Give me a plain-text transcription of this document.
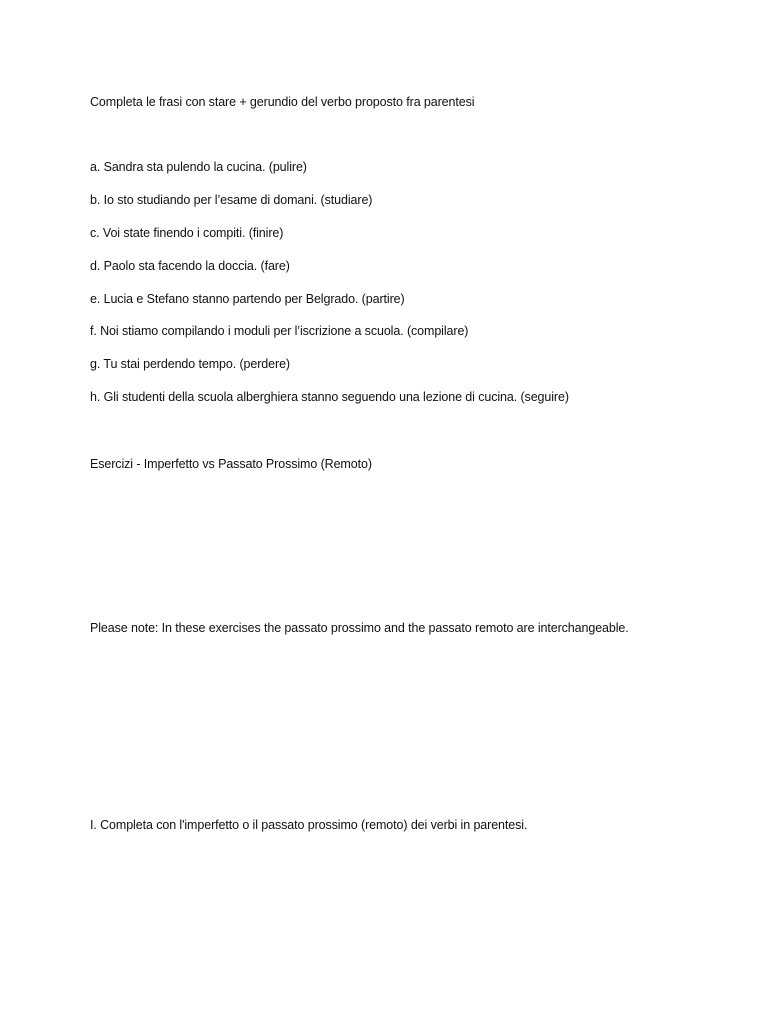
Completa le frasi con stare + gerundio del verbo proposto fra parentesi
a. Sandra sta pulendo la cucina. (pulire)
b. Io sto studiando per l’esame di domani. (studiare)
c. Voi state finendo i compiti. (finire)
d. Paolo sta facendo la doccia. (fare)
e. Lucia e Stefano stanno partendo per Belgrado. (partire)
f. Noi stiamo compilando i moduli per l’iscrizione a scuola. (compilare)
g. Tu stai perdendo tempo. (perdere)
h. Gli studenti della scuola alberghiera stanno seguendo una lezione di cucina. (seguire)
Esercizi - Imperfetto vs Passato Prossimo (Remoto)
Please note: In these exercises the passato prossimo and the passato remoto are interchangeable.
I. Completa con l'imperfetto o il passato prossimo (remoto) dei verbi in parentesi.
